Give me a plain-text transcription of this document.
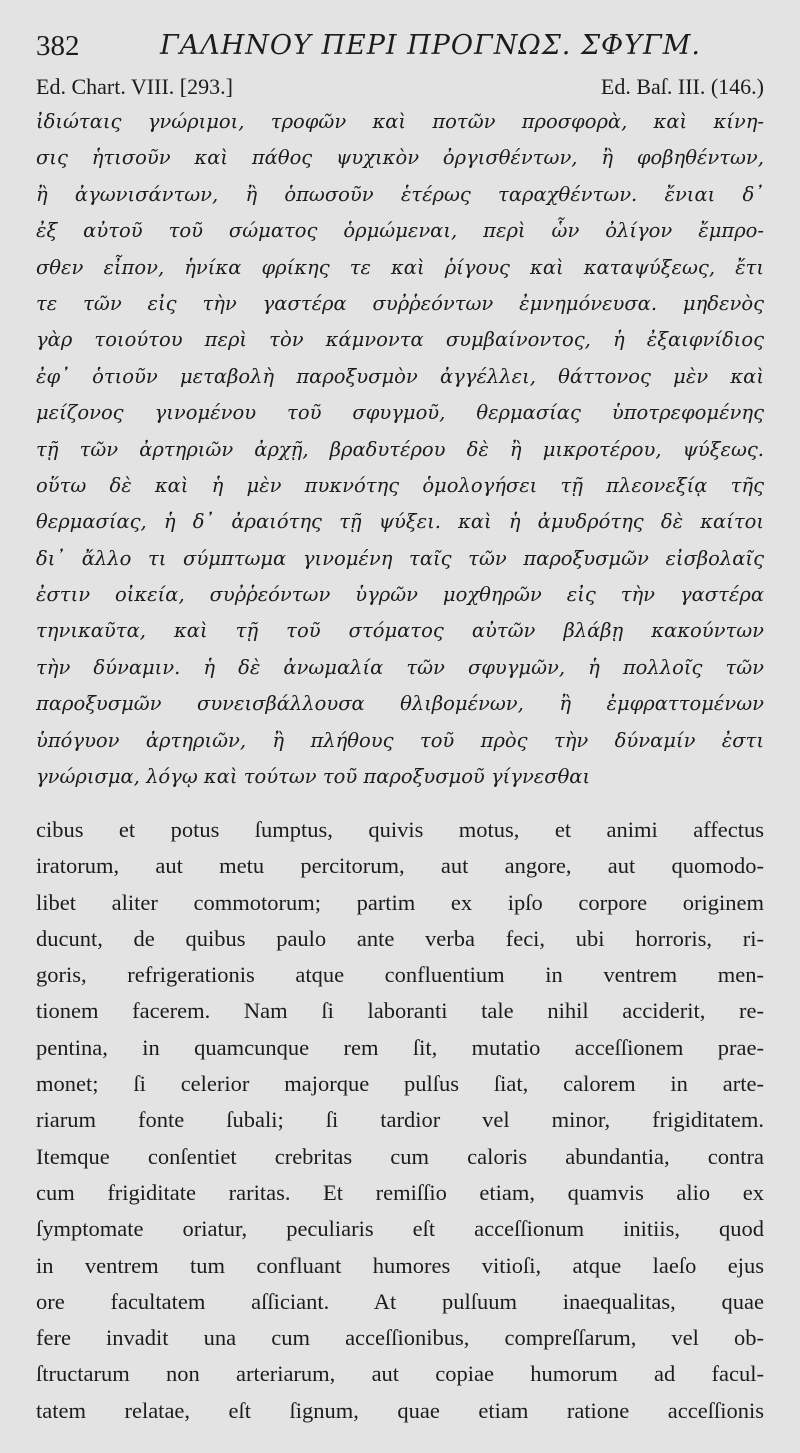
382	ΓΑΛΗΝΟΥ ΠΕΡΙ ΠΡΟΓΝΩΣ. ΣΦΥΓΜ.
Ed. Chart. VIII. [293.]	Ed. Baſ. III. (146.)
ἰδιώταις γνώριμοι, τροφῶν καὶ ποτῶν προσφορὰ, καὶ κίνη-
σις ἡτισοῦν καὶ πάθος ψυχικὸν ὀργισθέντων, ἢ φοβηθέντων,
ἢ ἀγωνισάντων, ἢ ὁπωσοῦν ἑτέρως ταραχθέντων. ἔνιαι δ᾽
ἐξ αὐτοῦ τοῦ σώματος ὁρμώμεναι, περὶ ὧν ὀλίγον ἔμπρο-
σθεν εἶπον, ἡνίκα φρίκης τε καὶ ῥίγους καὶ καταψύξεως, ἔτι
τε τῶν εἰς τὴν γαστέρα συῤῥεόντων ἐμνημόνευσα. μηδενὸς
γὰρ τοιούτου περὶ τὸν κάμνοντα συμβαίνοντος, ἡ ἐξαιφνίδιος
ἐφ᾽ ὁτιοῦν μεταβολὴ παροξυσμὸν ἀγγέλλει, θάττονος μὲν καὶ
μείζονος γινομένου τοῦ σφυγμοῦ, θερμασίας ὑποτρεφομένης
τῇ τῶν ἀρτηριῶν ἀρχῇ, βραδυτέρου δὲ ἢ μικροτέρου, ψύξεως.
οὕτω δὲ καὶ ἡ μὲν πυκνότης ὁμολογήσει τῇ πλεονεξίᾳ τῆς
θερμασίας, ἡ δ᾽ ἀραιότης τῇ ψύξει. καὶ ἡ ἀμυδρότης δὲ καίτοι
δι᾽ ἄλλο τι σύμπτωμα γινομένη ταῖς τῶν παροξυσμῶν εἰσβολαῖς
ἐστιν οἰκεία, συῤῥεόντων ὑγρῶν μοχθηρῶν εἰς τὴν γαστέρα
τηνικαῦτα, καὶ τῇ τοῦ στόματος αὐτῶν βλάβῃ κακούντων
τὴν δύναμιν. ἡ δὲ ἀνωμαλία τῶν σφυγμῶν, ἡ πολλοῖς τῶν
παροξυσμῶν συνεισβάλλουσα θλιβομένων, ἢ ἐμφραττομένων
ὑπόγυον ἀρτηριῶν, ἢ πλήθους τοῦ πρὸς τὴν δύναμίν ἐστι
γνώρισμα, λόγῳ καὶ τούτων τοῦ παροξυσμοῦ γίγνεσθαι
cibus et potus ſumptus, quivis motus, et animi affectus
iratorum, aut metu percitorum, aut angore, aut quomodo-
libet aliter commotorum; partim ex ipſo corpore originem
ducunt, de quibus paulo ante verba feci, ubi horroris, ri-
goris, refrigerationis atque confluentium in ventrem men-
tionem facerem. Nam ſi laboranti tale nihil acciderit, re-
pentina, in quamcunque rem ſit, mutatio acceſſionem prae-
monet; ſi celerior majorque pulſus ſiat, calorem in arte-
riarum fonte ſubali; ſi tardior vel minor, frigiditatem.
Itemque conſentiet crebritas cum caloris abundantia, contra
cum frigiditate raritas. Et remiſſio etiam, quamvis alio ex
ſymptomate oriatur, peculiaris eſt acceſſionum initiis, quod
in ventrem tum confluant humores vitioſi, atque laeſo ejus
ore facultatem aſſiciant. At pulſuum inaequalitas, quae
fere invadit una cum acceſſionibus, compreſſarum, vel ob-
ſtructarum non arteriarum, aut copiae humorum ad facul-
tatem relatae, eſt ſignum, quae etiam ratione acceſſionis
